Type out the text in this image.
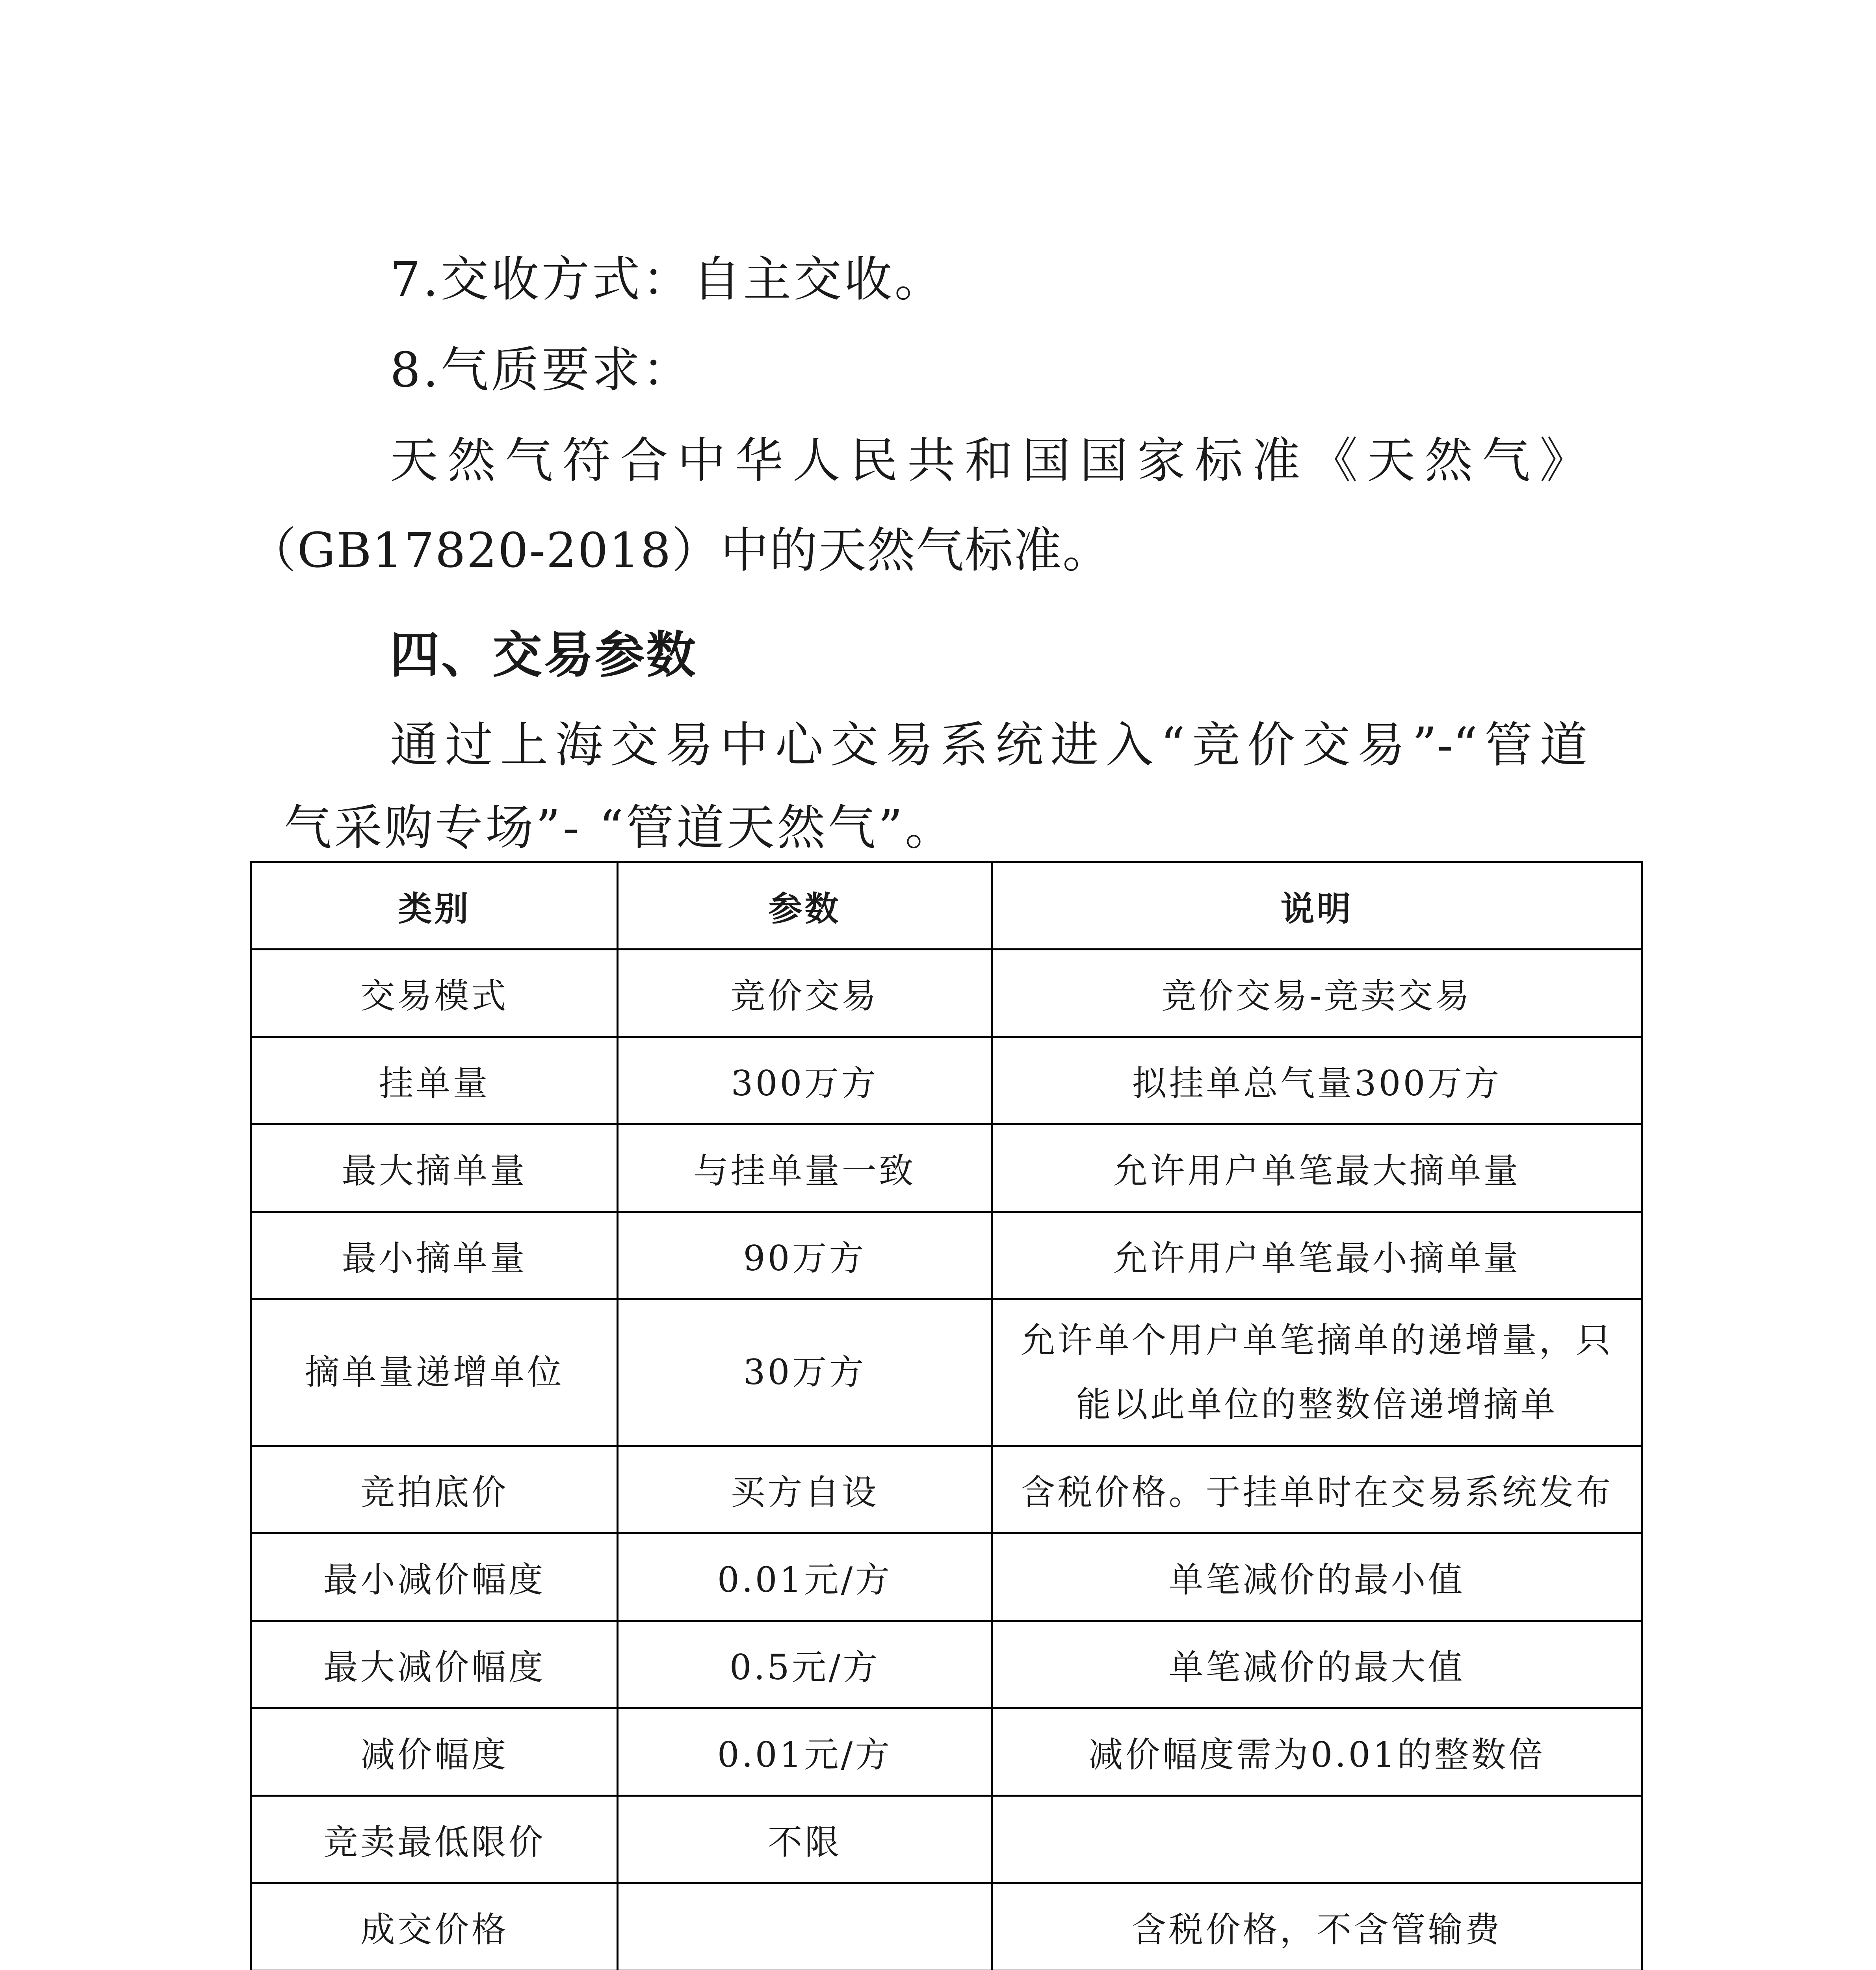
7.交收方式：自主交收。

8.气质要求：

天然气符合中华人民共和国国家标准《天然气》

（GB17820-2018）中的天然气标准。

四、交易参数
通过上海交易中心交易系统进入“竞价交易”-“管道

气采购专场”- “管道天然气”。

类别	参数	说明
交易模式	竞价交易	竞价交易-竞卖交易
挂单量	300万方	拟挂单总气量300万方
最大摘单量	与挂单量一致	允许用户单笔最大摘单量
最小摘单量	90万方	允许用户单笔最小摘单量
摘单量递增单位	30万方	允许单个用户单笔摘单的递增量，只
能以此单位的整数倍递增摘单

竞拍底价	买方自设	含税价格。于挂单时在交易系统发布
最小减价幅度	0.01元/方	单笔减价的最小值
最大减价幅度	0.5元/方	单笔减价的最大值
减价幅度	0.01元/方	减价幅度需为0.01的整数倍
竞卖最低限价	不限	
成交价格		含税价格，不含管输费
